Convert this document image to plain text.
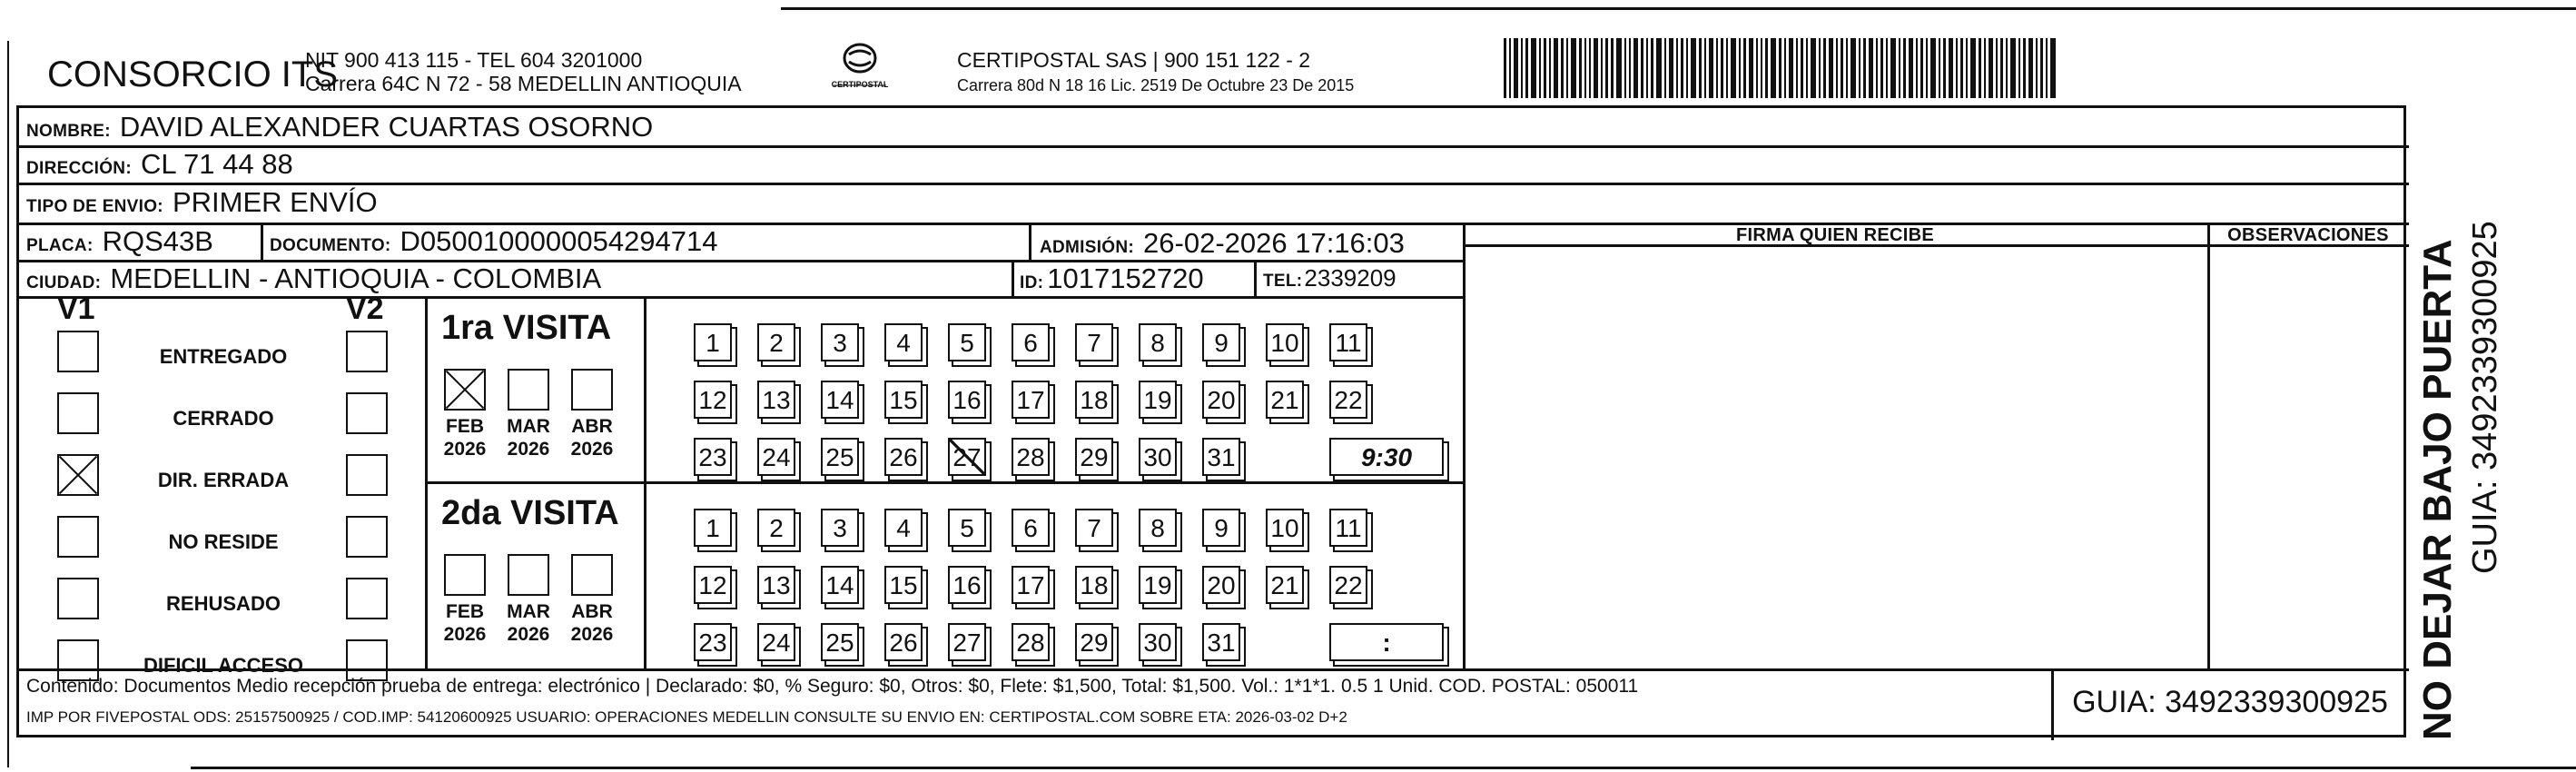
CONSORCIO ITS
NIT 900 413 115 - TEL 604 3201000
Carrera 64C N 72 - 58 MEDELLIN ANTIOQUIA	CERTIPOSTAL
CERTIPOSTAL SAS | 900 151 122 - 2
Carrera 80d N 18 16 Lic. 2519 De Octubre 23 De 2015
NOMBRE: DAVID ALEXANDER CUARTAS OSORNO
DIRECCIÓN: CL 71 44 88
TIPO DE ENVIO: PRIMER ENVÍO
PLACA: RQS43B	DOCUMENTO: D0500100000054294714	ADMISIÓN: 26-02-2026 17:16:03
CIUDAD: MEDELLIN - ANTIOQUIA - COLOMBIA	ID: 1017152720	TEL: 2339209
FIRMA QUIEN RECIBE	OBSERVACIONES
V1	V2
ENTREGADO
CERRADO
DIR. ERRADA
NO RESIDE
REHUSADO
DIFICIL ACCESO
1ra VISITA
FEB
2026
MAR
2026
ABR
2026
1	2	3	4	5	6	7	8	9	10 11
12 13 14 15 16 17 18 19 20 21 22
23 24 25 26 27 28 29 30 31	9:30
2da VISITA
FEB
2026
MAR
2026
ABR
2026
1	2	3	4	5	6	7	8	9	10 11
12 13 14 15 16 17 18 19 20 21 22
23 24 25 26 27 28 29 30 31	:
Contenido: Documentos Medio recepción prueba de entrega: electrónico | Declarado: $0, % Seguro: $0, Otros: $0, Flete: $1,500, Total: $1,500. Vol.: 1*1*1. 0.5 1 Unid. COD. POSTAL: 050011
IMP POR FIVEPOSTAL ODS: 25157500925 / COD.IMP: 54120600925 USUARIO: OPERACIONES MEDELLIN CONSULTE SU ENVIO EN: CERTIPOSTAL.COM SOBRE ETA: 2026-03-02 D+2	GUIA: 3492339300925 NO DEJAR BAJO PUERTA GUIA: 3492339300925
